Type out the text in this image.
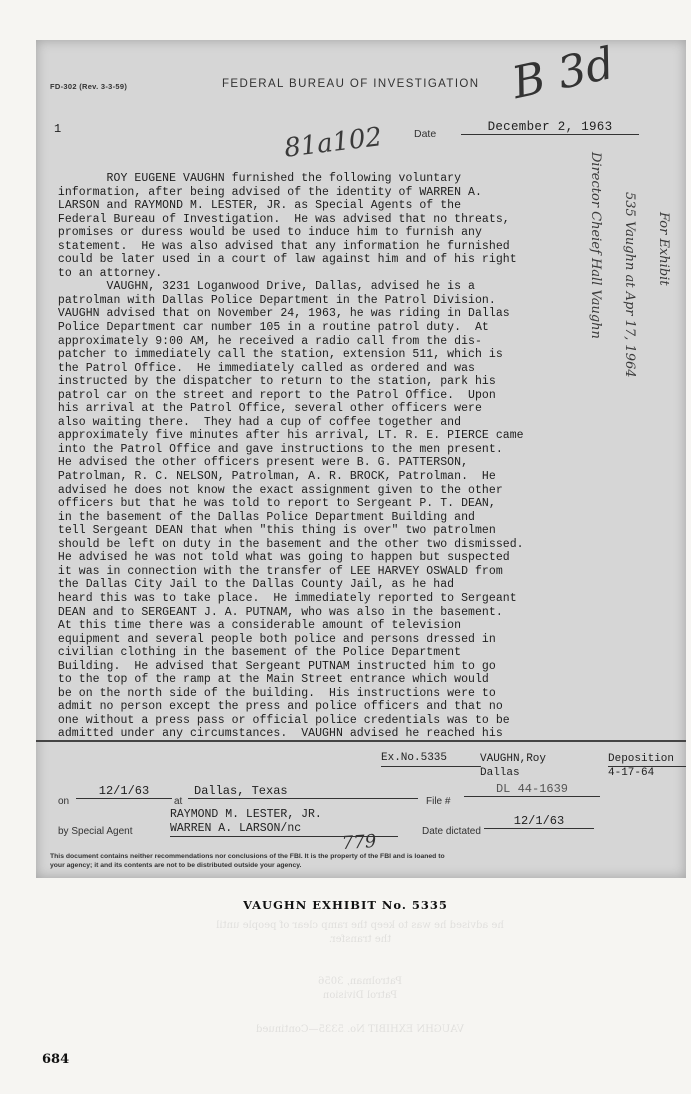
FD-302 (Rev. 3-3-59)	FEDERAL BUREAU OF INVESTIGATION
1	Date	December 2, 1963
81a102
B 3d
Director Cheief Hall Vaughn 535 Vaughn at Apr 17, 1964 For Exhibit
ROY EUGENE VAUGHN furnished the following voluntary
information, after being advised of the identity of WARREN A.
LARSON and RAYMOND M. LESTER, JR. as Special Agents of the
Federal Bureau of Investigation.  He was advised that no threats,
promises or duress would be used to induce him to furnish any
statement.  He was also advised that any information he furnished
could be later used in a court of law against him and of his right
to an attorney.
VAUGHN, 3231 Loganwood Drive, Dallas, advised he is a
patrolman with Dallas Police Department in the Patrol Division.
VAUGHN advised that on November 24, 1963, he was riding in Dallas
Police Department car number 105 in a routine patrol duty.  At
approximately 9:00 AM, he received a radio call from the dis-
patcher to immediately call the station, extension 511, which is
the Patrol Office.  He immediately called as ordered and was
instructed by the dispatcher to return to the station, park his
patrol car on the street and report to the Patrol Office.  Upon
his arrival at the Patrol Office, several other officers were
also waiting there.  They had a cup of coffee together and
approximately five minutes after his arrival, LT. R. E. PIERCE came
into the Patrol Office and gave instructions to the men present.
He advised the other officers present were B. G. PATTERSON,
Patrolman, R. C. NELSON, Patrolman, A. R. BROCK, Patrolman.  He
advised he does not know the exact assignment given to the other
officers but that he was told to report to Sergeant P. T. DEAN,
in the basement of the Dallas Police Department Building and
tell Sergeant DEAN that when "this thing is over" two patrolmen
should be left on duty in the basement and the other two dismissed.
He advised he was not told what was going to happen but suspected
it was in connection with the transfer of LEE HARVEY OSWALD from
the Dallas City Jail to the Dallas County Jail, as he had
heard this was to take place.  He immediately reported to Sergeant
DEAN and to SERGEANT J. A. PUTNAM, who was also in the basement.
At this time there was a considerable amount of television
equipment and several people both police and persons dressed in
civilian clothing in the basement of the Police Department
Building.  He advised that Sergeant PUTNAM instructed him to go
to the top of the ramp at the Main Street entrance which would
be on the north side of the building.  His instructions were to
admit no person except the press and police officers and that no
one without a press pass or official police credentials was to be
admitted under any circumstances.  VAUGHN advised he reached his
Ex.No.5335	VAUGHN,Roy
Dallas
Deposition
4-17-64
on
12/1/63
at
Dallas, Texas
File #
DL 44-1639
by Special Agent
RAYMOND M. LESTER, JR.
WARREN A. LARSON/nc
779	Date dictated
12/1/63
This document contains neither recommendations nor conclusions of the FBI. It is the property of the FBI and is loaned to
your agency; it and its contents are not to be distributed outside your agency.
VAUGHN EXHIBIT No. 5335
he advised he was to keep the ramp clear of people until
the transfer.
Patrolman, 3056
Patrol Division
VAUGHN EXHIBIT No. 5335—Continued
684
